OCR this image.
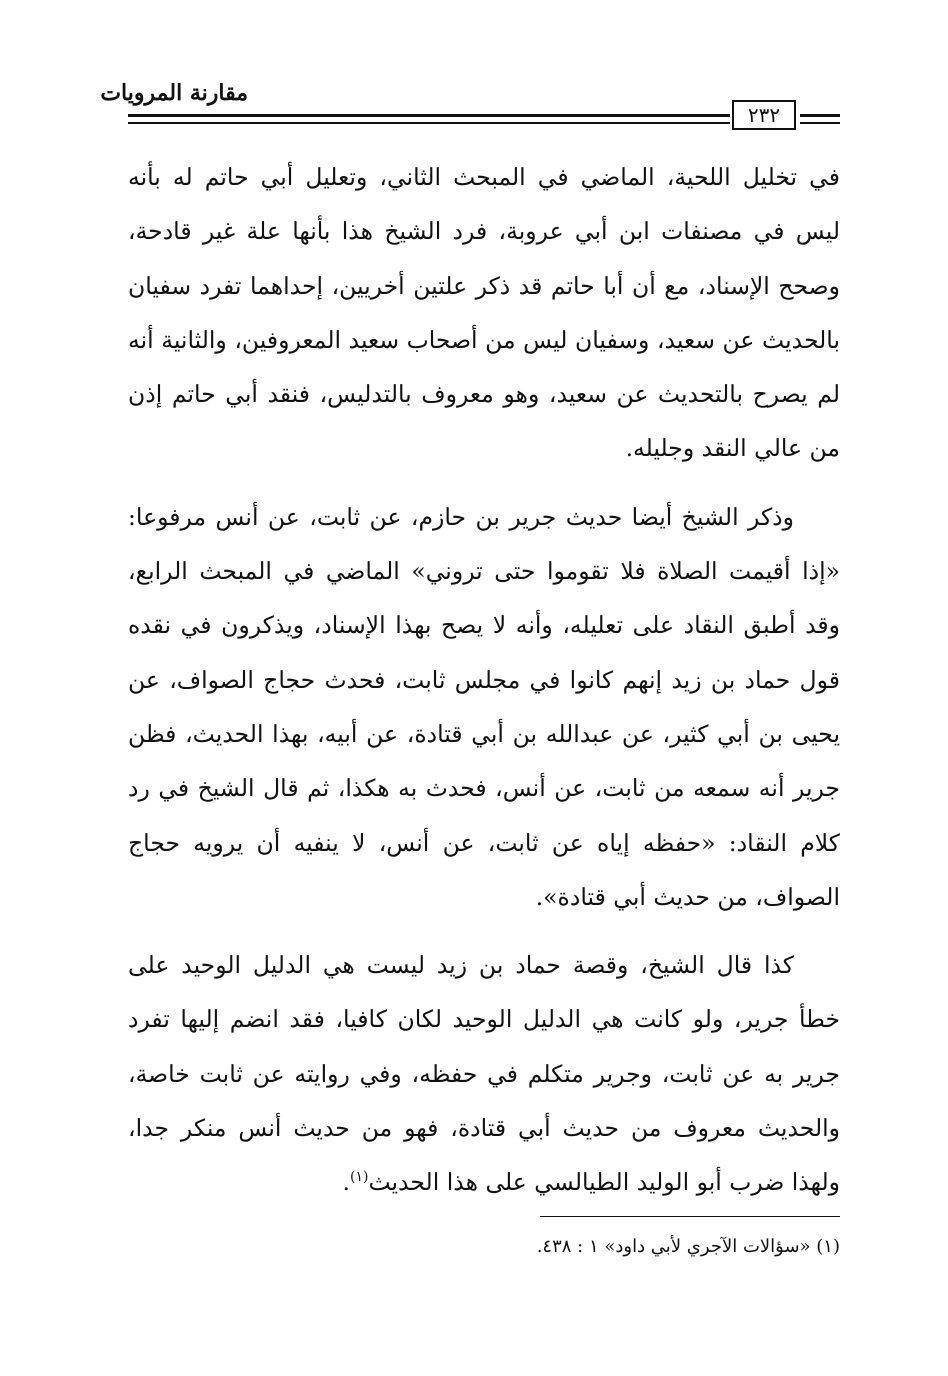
مقارنة المرويات
٢٣٢

في تخليل اللحية، الماضي في المبحث الثاني، وتعليل أبي حاتم له بأنه ليس في مصنفات ابن أبي عروبة، فرد الشيخ هذا بأنها علة غير قادحة، وصحح الإسناد، مع أن أبا حاتم قد ذكر علتين أخريين، إحداهما تفرد سفيان بالحديث عن سعيد، وسفيان ليس من أصحاب سعيد المعروفين، والثانية أنه لم يصرح بالتحديث عن سعيد، وهو معروف بالتدليس، فنقد أبي حاتم إذن من عالي النقد وجليله.

وذكر الشيخ أيضا حديث جرير بن حازم، عن ثابت، عن أنس مرفوعا: «إذا أقيمت الصلاة فلا تقوموا حتى تروني» الماضي في المبحث الرابع، وقد أطبق النقاد على تعليله، وأنه لا يصح بهذا الإسناد، ويذكرون في نقده قول حماد بن زيد إنهم كانوا في مجلس ثابت، فحدث حجاج الصواف، عن يحيى بن أبي كثير، عن عبدالله بن أبي قتادة، عن أبيه، بهذا الحديث، فظن جرير أنه سمعه من ثابت، عن أنس، فحدث به هكذا، ثم قال الشيخ في رد كلام النقاد: «حفظه إياه عن ثابت، عن أنس، لا ينفيه أن يرويه حجاج الصواف، من حديث أبي قتادة».

كذا قال الشيخ، وقصة حماد بن زيد ليست هي الدليل الوحيد على خطأ جرير، ولو كانت هي الدليل الوحيد لكان كافيا، فقد انضم إليها تفرد جرير به عن ثابت، وجرير متكلم في حفظه، وفي روايته عن ثابت خاصة، والحديث معروف من حديث أبي قتادة، فهو من حديث أنس منكر جدا، ولهذا ضرب أبو الوليد الطيالسي على هذا الحديث$^{(١)}$.

(١) «سؤالات الآجري لأبي داود» ١ : ٤٣٨.
